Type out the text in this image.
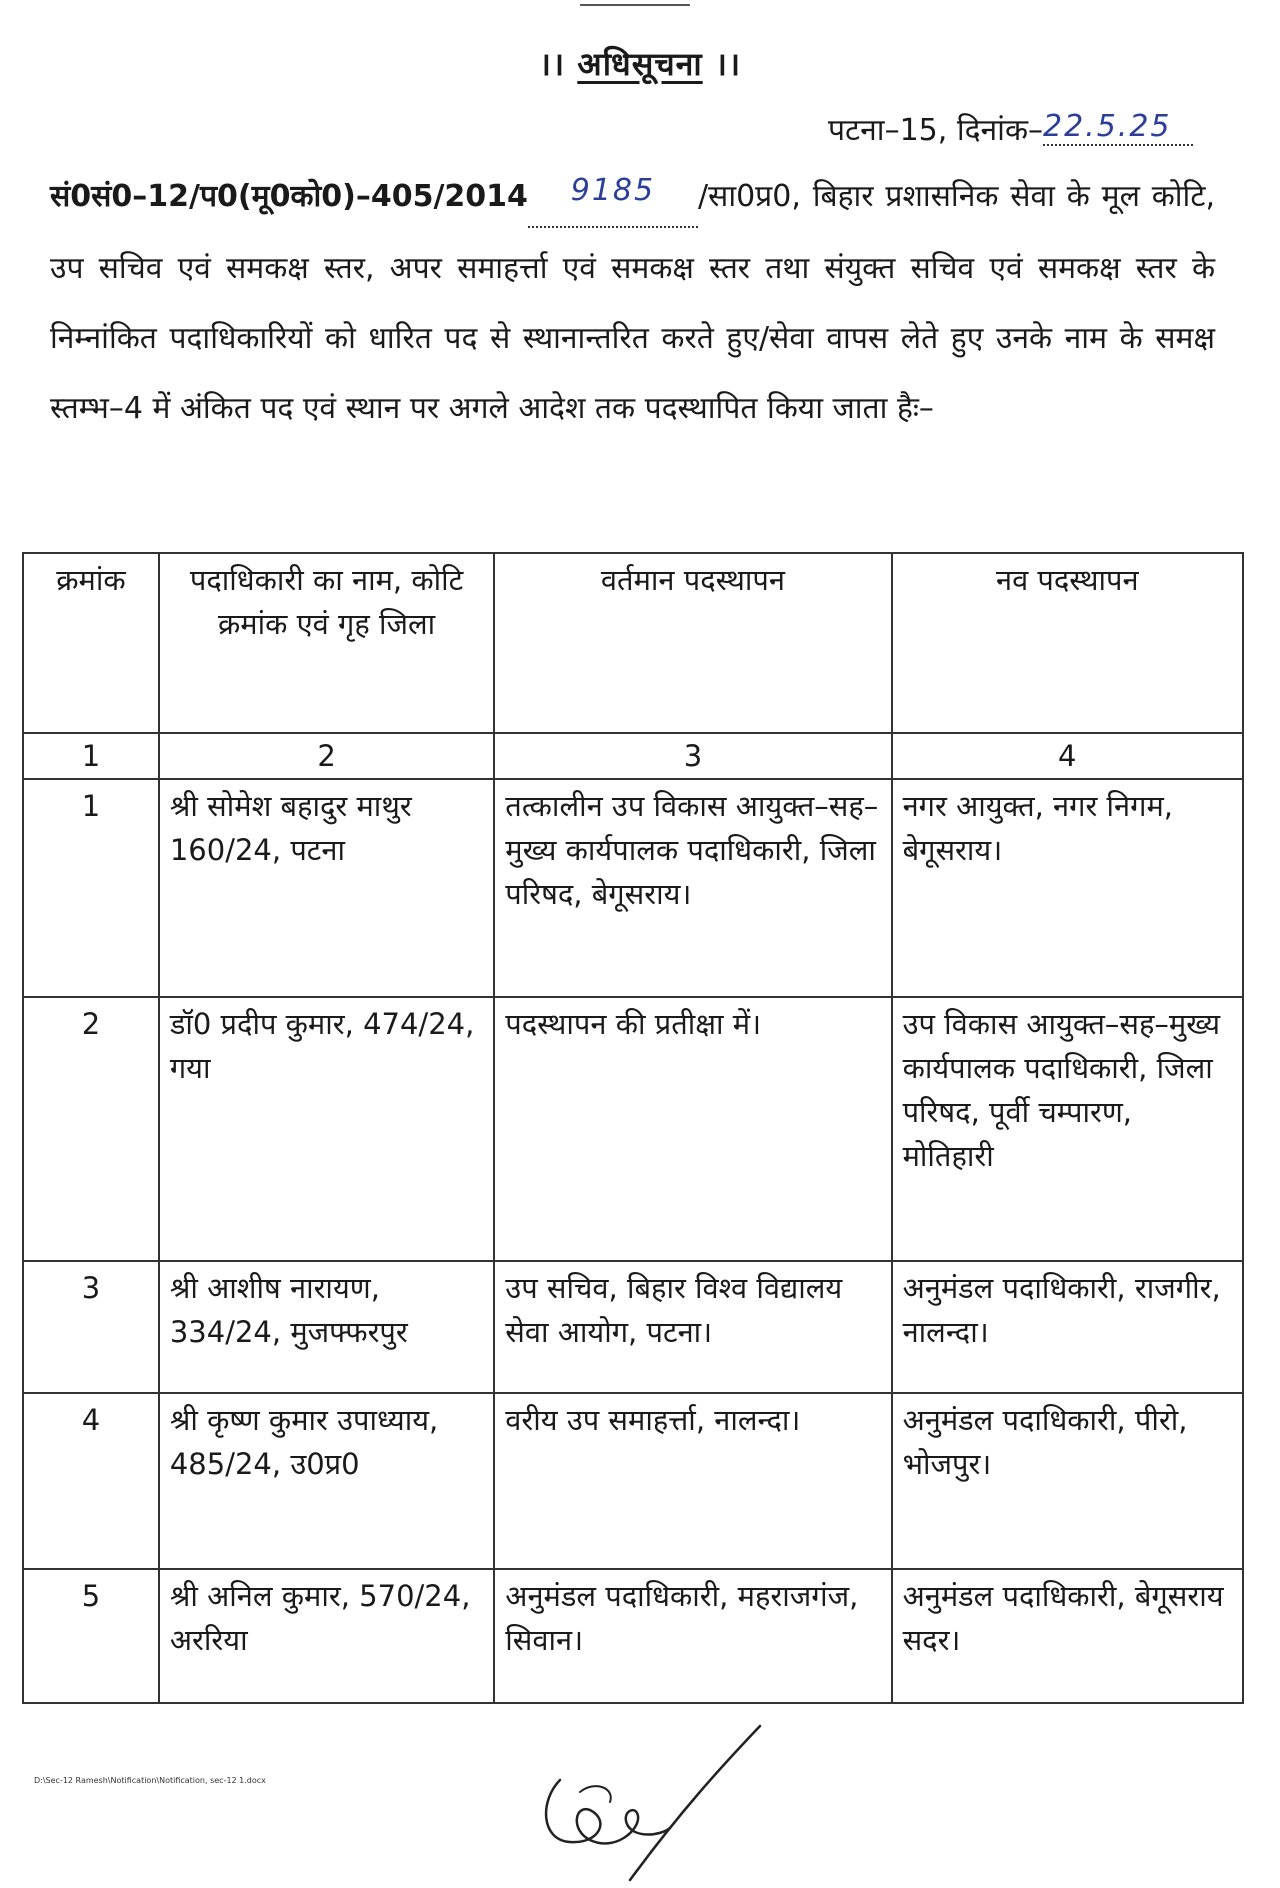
।। अधिसूचना ।।
पटना–15, दिनांक–22.5.25
सं0सं0–12/प0(मू0को0)–405/2014 9185 /सा0प्र0, बिहार प्रशासनिक सेवा के मूल कोटि, उप सचिव एवं समकक्ष स्तर, अपर समाहर्त्ता एवं समकक्ष स्तर तथा संयुक्त सचिव एवं समकक्ष स्तर के निम्नांकित पदाधिकारियों को धारित पद से स्थानान्तरित करते हुए/सेवा वापस लेते हुए उनके नाम के समक्ष स्तम्भ–4 में अंकित पद एवं स्थान पर अगले आदेश तक पदस्थापित किया जाता हैः–
क्रमांक	पदाधिकारी का नाम, कोटि क्रमांक एवं गृह जिला	वर्तमान पदस्थापन	नव पदस्थापन
1	2	3	4
1	श्री सोमेश बहादुर माथुर 160/24, पटना	तत्कालीन उप विकास आयुक्त–सह–मुख्य कार्यपालक पदाधिकारी, जिला परिषद, बेगूसराय।	नगर आयुक्त, नगर निगम, बेगूसराय।
2	डॉ0 प्रदीप कुमार, 474/24, गया	पदस्थापन की प्रतीक्षा में।	उप विकास आयुक्त–सह–मुख्य कार्यपालक पदाधिकारी, जिला परिषद, पूर्वी चम्पारण, मोतिहारी
3	श्री आशीष नारायण, 334/24, मुजफ्फरपुर	उप सचिव, बिहार विश्व विद्यालय सेवा आयोग, पटना।	अनुमंडल पदाधिकारी, राजगीर, नालन्दा।
4	श्री कृष्ण कुमार उपाध्याय, 485/24, उ0प्र0	वरीय उप समाहर्त्ता, नालन्दा।	अनुमंडल पदाधिकारी, पीरो, भोजपुर।
5	श्री अनिल कुमार, 570/24, अररिया	अनुमंडल पदाधिकारी, महराजगंज, सिवान।	अनुमंडल पदाधिकारी, बेगूसराय सदर।
D:\Sec-12 Ramesh\Notification\Notification, sec-12 1.docx
